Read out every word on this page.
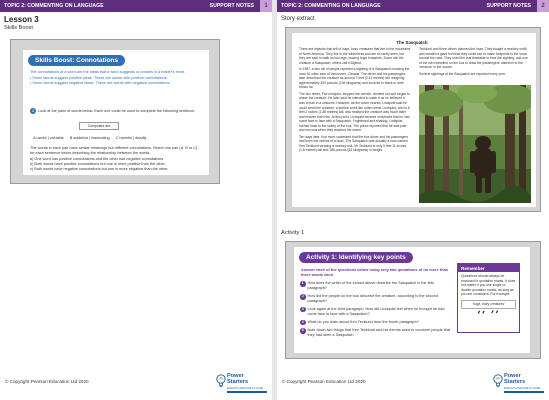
TOPIC 2: COMMENTING ON LANGUAGE	SUPPORT NOTES	1
Lesson 3
Skills Boost
Skills Boost: Connotations

The connotations of a word are the ideas that a word suggests or creates in a reader's mind.

• Some words suggest positive ideas. These are words with positive connotations.

• Some words suggest negative ideas. These are words with negative connotations.

1 Look at the pairs of words below. Each one could be used to complete the following sentence.
Computers are
A useful | valuable B addictive | fascinating C harmful | deadly

The words in each pair have similar meanings but different connotations. Select one pair (A, B or C) for each sentence below describing the relationship between the words.

a) One word has positive connotations and the other has negative connotations.

b) Both words have positive connotations but one is more positive than the other.

c) Both words have negative connotations but one is more negative than the other.

© Copyright Pearson Education Ltd 2020
Power
Starters
ENGLISH LANGUAGE 9-1 GCSE
TOPIC 2: COMMENTING ON LANGUAGE	SUPPORT NOTES	2
Story extract
The Sasquatch

There are legends that tell of huge, hairy creatures that live in the mountains of North America. They live in the wilderness and are so rarely seen, but they are said to walk on two legs, leaving huge footprints. Some call the creature a Sasquatch; others call it Bigfoot.

In 1987, a bus full of people reported a sighting of a Sasquatch crossing the road 30 miles east of Vancouver, Canada. The driver and his passengers later described the creature as around 7 feet (2.13 metres) tall, weighing approximately 300 pounds (136 kilograms) and covered in black or dark brown fur.

The bus driver, Pat Lindquist, stopped the vehicle, climbed out and began to chase the creature. He later said he intended to catch it as he believed it was a man in a costume. However, as the driver neared, Lindquist said he could smell the creature: a terrible smell like rotten meat. Lindquist, who is 6 feet 2 inches (1.88 metres) tall, also realised the creature was much taller and heavier than him. At this point, Lindquist became convinced that he had come face to face with a Sasquatch. Frightened and shaking, Lindquist hurried back to the safety of the bus. The police reported that he was pale and nervous when they reached the scene.

Ten days later, four more confessed that the bus driver and his passengers had been the victims of a hoax. The Sasquatch was actually a man named Ken Tecklund wearing a monkey suit. Mr Tecklund is only 5 feet 11 inches (1.8 metres) tall and 185 pounds (84 kilograms) in weight.

Tecklund and three others planned the hoax. They bought a monkey outfit and created a giant foot that they could use to make footprints in the snow around the road. They used the bus timetable to time the sighting, and one of the men travelled on the bus to draw the passengers' attention to the 'creature' in the woods.

Several sightings of the Sasquatch are reported every year.

Activity 1
Activity 1: Identifying key points
Answer each of the questions below using only two quotations of no more than three words each.
1	How does the writer of the extract above describe the Sasquatch in the first paragraph?
2	How did the people on the bus describe the creature, according to the second paragraph?
3	Look again at the third paragraph. How did Lindquist feel when he thought he had come face to face with a Sasquatch?
4	What do you learn about Ken Tecklund from the fourth paragraph?
5	Note down two things that Ken Tecklund and his friends used to convince people that they had seen a Sasquatch.
Remember
Quotations should always be enclosed in quotation marks. It does not matter if you use single or double quotation marks, as long as you are consistent. For example:
'huge, hairy creatures'
‘‘ ’’
© Copyright Pearson Education Ltd 2020
Power
Starters
ENGLISH LANGUAGE 9-1 GCSE
